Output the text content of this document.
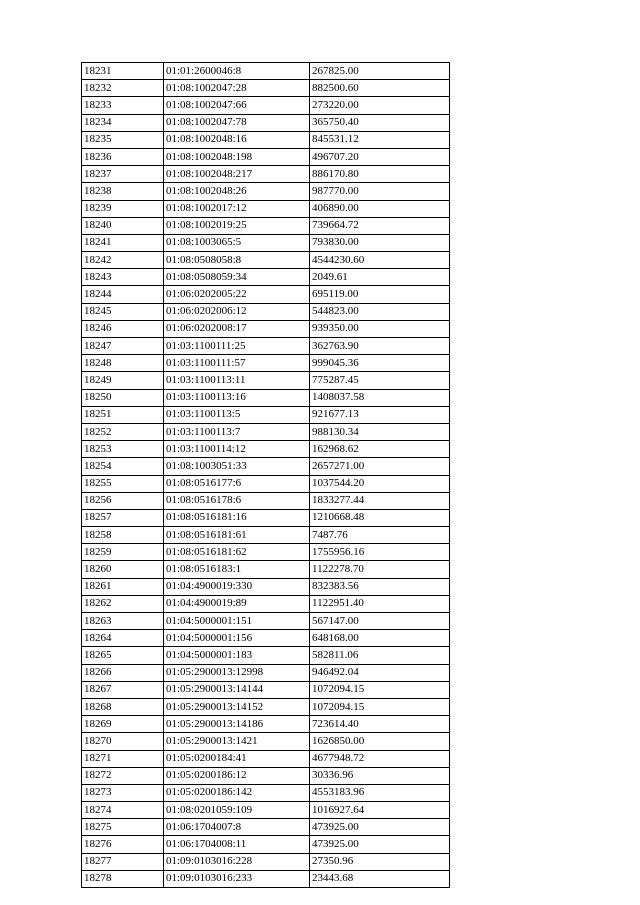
18231	01:01:2600046:8	267825.00
18232	01:08:1002047:28	882500.60
18233	01:08:1002047:66	273220.00
18234	01:08:1002047:78	365750.40
18235	01:08:1002048:16	845531.12
18236	01:08:1002048:198	496707.20
18237	01:08:1002048:217	886170.80
18238	01:08:1002048:26	987770.00
18239	01:08:1002017:12	406890.00
18240	01:08:1002019:25	739664.72
18241	01:08:1003065:5	793830.00
18242	01:08:0508058:8	4544230.60
18243	01:08:0508059:34	2049.61
18244	01:06:0202005:22	695119.00
18245	01:06:0202006:12	544823.00
18246	01:06:0202008:17	939350.00
18247	01:03:1100111:25	362763.90
18248	01:03:1100111:57	999045.36
18249	01:03:1100113:11	775287.45
18250	01:03:1100113:16	1408037.58
18251	01:03:1100113:5	921677.13
18252	01:03:1100113:7	988130.34
18253	01:03:1100114:12	162968.62
18254	01:08:1003051:33	2657271.00
18255	01:08:0516177:6	1037544.20
18256	01:08:0516178:6	1833277.44
18257	01:08:0516181:16	1210668.48
18258	01:08:0516181:61	7487.76
18259	01:08:0516181:62	1755956.16
18260	01:08:0516183:1	1122278.70
18261	01:04:4900019:330	832383.56
18262	01:04:4900019:89	1122951.40
18263	01:04:5000001:151	567147.00
18264	01:04:5000001:156	648168.00
18265	01:04:5000001:183	582811.06
18266	01:05:2900013:12998	946492.04
18267	01:05:2900013:14144	1072094.15
18268	01:05:2900013:14152	1072094.15
18269	01:05:2900013:14186	723614.40
18270	01:05:2900013:1421	1626850.00
18271	01:05:0200184:41	4677948.72
18272	01:05:0200186:12	30336.96
18273	01:05:0200186:142	4553183.96
18274	01:08:0201059:109	1016927.64
18275	01:06:1704007:8	473925.00
18276	01:06:1704008:11	473925.00
18277	01:09:0103016:228	27350.96
18278	01:09:0103016:233	23443.68
